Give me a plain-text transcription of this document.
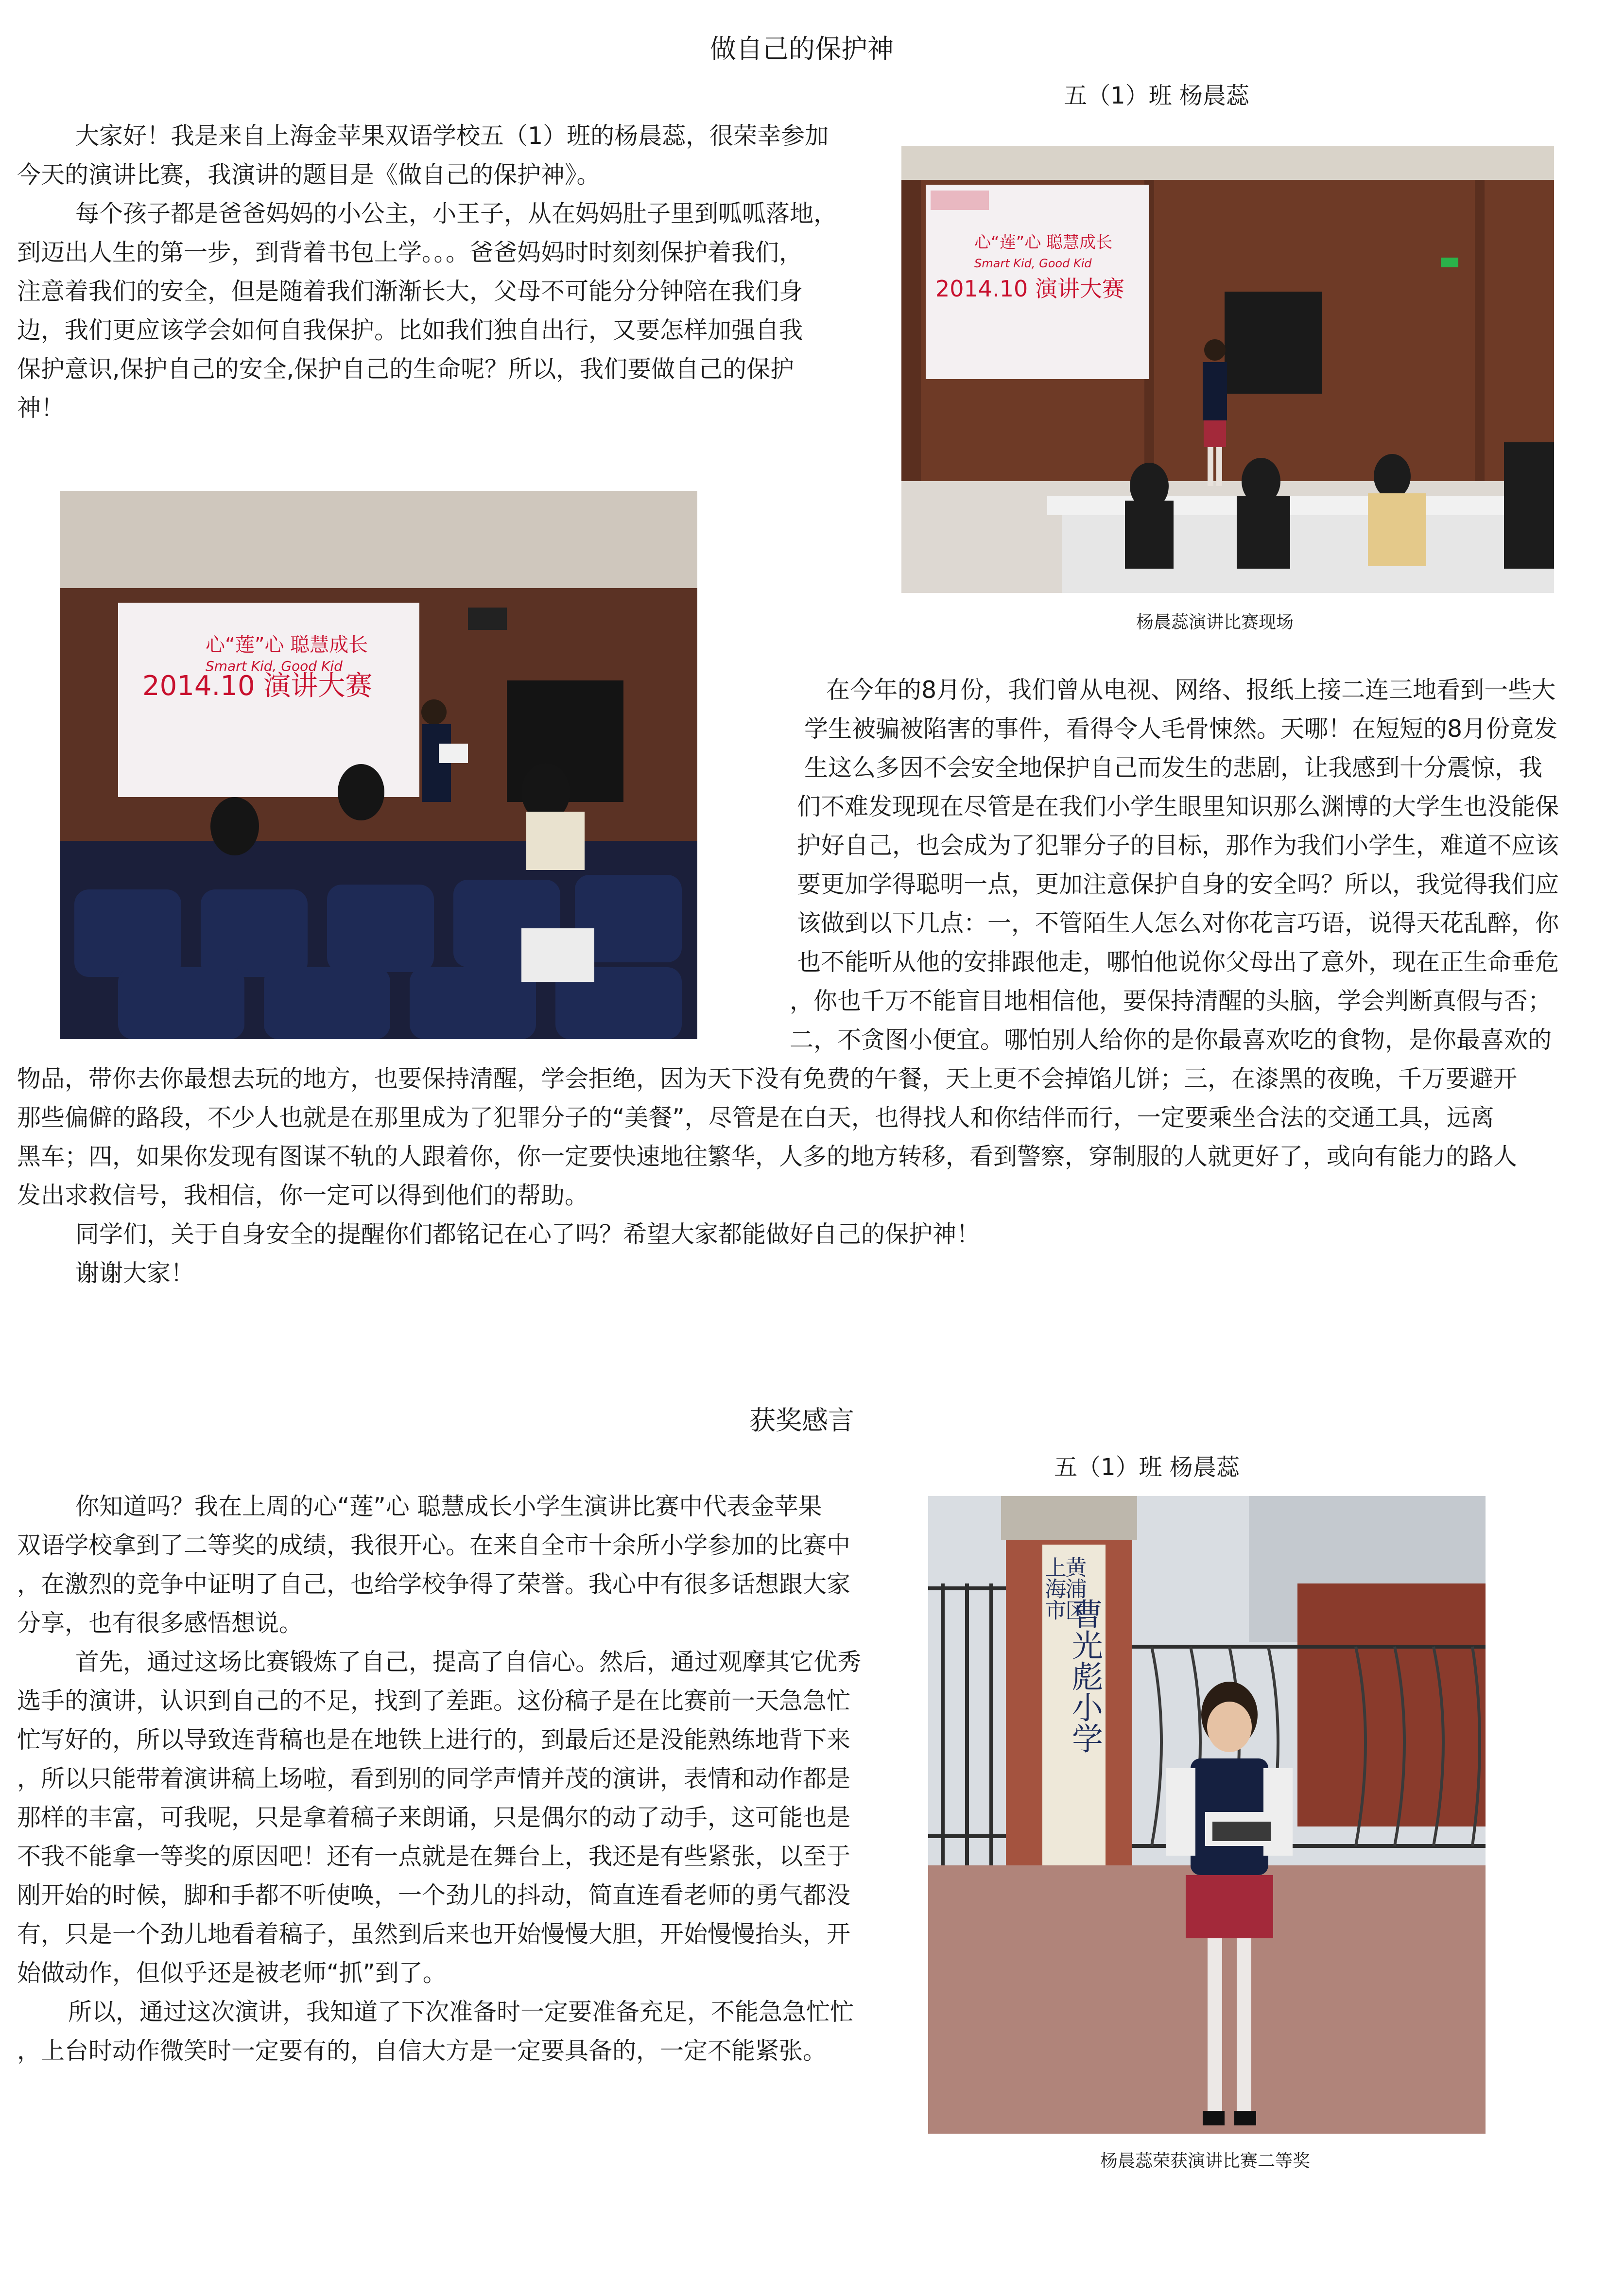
做自己的保护神
五（1）班 杨晨蕊
大家好！我是来自上海金苹果双语学校五（1）班的杨晨蕊，很荣幸参加
今天的演讲比赛，我演讲的题目是《做自己的保护神》。
每个孩子都是爸爸妈妈的小公主，小王子，从在妈妈肚子里到呱呱落地，
到迈出人生的第一步，到背着书包上学。。。爸爸妈妈时时刻刻保护着我们，
注意着我们的安全，但是随着我们渐渐长大，父母不可能分分钟陪在我们身
边，我们更应该学会如何自我保护。比如我们独自出行，又要怎样加强自我
保护意识,保护自己的安全,保护自己的生命呢？所以，我们要做自己的保护
神！
在今年的8月份，我们曾从电视、网络、报纸上接二连三地看到一些大
学生被骗被陷害的事件，看得令人毛骨悚然。天哪！在短短的8月份竟发
生这么多因不会安全地保护自己而发生的悲剧，让我感到十分震惊，我
们不难发现现在尽管是在我们小学生眼里知识那么渊博的大学生也没能保
护好自己，也会成为了犯罪分子的目标，那作为我们小学生，难道不应该
要更加学得聪明一点，更加注意保护自身的安全吗？所以，我觉得我们应
该做到以下几点：一，不管陌生人怎么对你花言巧语，说得天花乱醉，你
也不能听从他的安排跟他走，哪怕他说你父母出了意外，现在正生命垂危
，你也千万不能盲目地相信他，要保持清醒的头脑，学会判断真假与否；
二，不贪图小便宜。哪怕别人给你的是你最喜欢吃的食物，是你最喜欢的
物品，带你去你最想去玩的地方，也要保持清醒，学会拒绝，因为天下没有免费的午餐，天上更不会掉馅儿饼；三，在漆黑的夜晚，千万要避开
那些偏僻的路段，不少人也就是在那里成为了犯罪分子的“美餐”，尽管是在白天，也得找人和你结伴而行，一定要乘坐合法的交通工具，远离
黑车；四，如果你发现有图谋不轨的人跟着你，你一定要快速地往繁华，人多的地方转移，看到警察，穿制服的人就更好了，或向有能力的路人
发出求救信号，我相信，你一定可以得到他们的帮助。
同学们，关于自身安全的提醒你们都铭记在心了吗？希望大家都能做好自己的保护神！
谢谢大家！
心“莲”心 聪慧成长
Smart Kid, Good Kid
2014.10 演讲大赛
杨晨蕊演讲比赛现场
心“莲”心 聪慧成长
Smart Kid, Good Kid
2014.10 演讲大赛
获奖感言
五（1）班 杨晨蕊
你知道吗？我在上周的心“莲”心 聪慧成长小学生演讲比赛中代表金苹果
双语学校拿到了二等奖的成绩，我很开心。在来自全市十余所小学参加的比赛中
，在激烈的竞争中证明了自己，也给学校争得了荣誉。我心中有很多话想跟大家
分享，也有很多感悟想说。
首先，通过这场比赛锻炼了自己，提高了自信心。然后，通过观摩其它优秀
选手的演讲，认识到自己的不足，找到了差距。这份稿子是在比赛前一天急急忙
忙写好的，所以导致连背稿也是在地铁上进行的，到最后还是没能熟练地背下来
，所以只能带着演讲稿上场啦，看到别的同学声情并茂的演讲，表情和动作都是
那样的丰富，可我呢，只是拿着稿子来朗诵，只是偶尔的动了动手，这可能也是
不我不能拿一等奖的原因吧！还有一点就是在舞台上，我还是有些紧张，以至于
刚开始的时候，脚和手都不听使唤，一个劲儿的抖动，简直连看老师的勇气都没
有，只是一个劲儿地看着稿子，虽然到后来也开始慢慢大胆，开始慢慢抬头，开
始做动作，但似乎还是被老师“抓”到了。
所以，通过这次演讲，我知道了下次准备时一定要准备充足，不能急急忙忙
，上台时动作微笑时一定要有的，自信大方是一定要具备的，一定不能紧张。
黄浦区
上海市
曹光彪小学
杨晨蕊荣获演讲比赛二等奖
